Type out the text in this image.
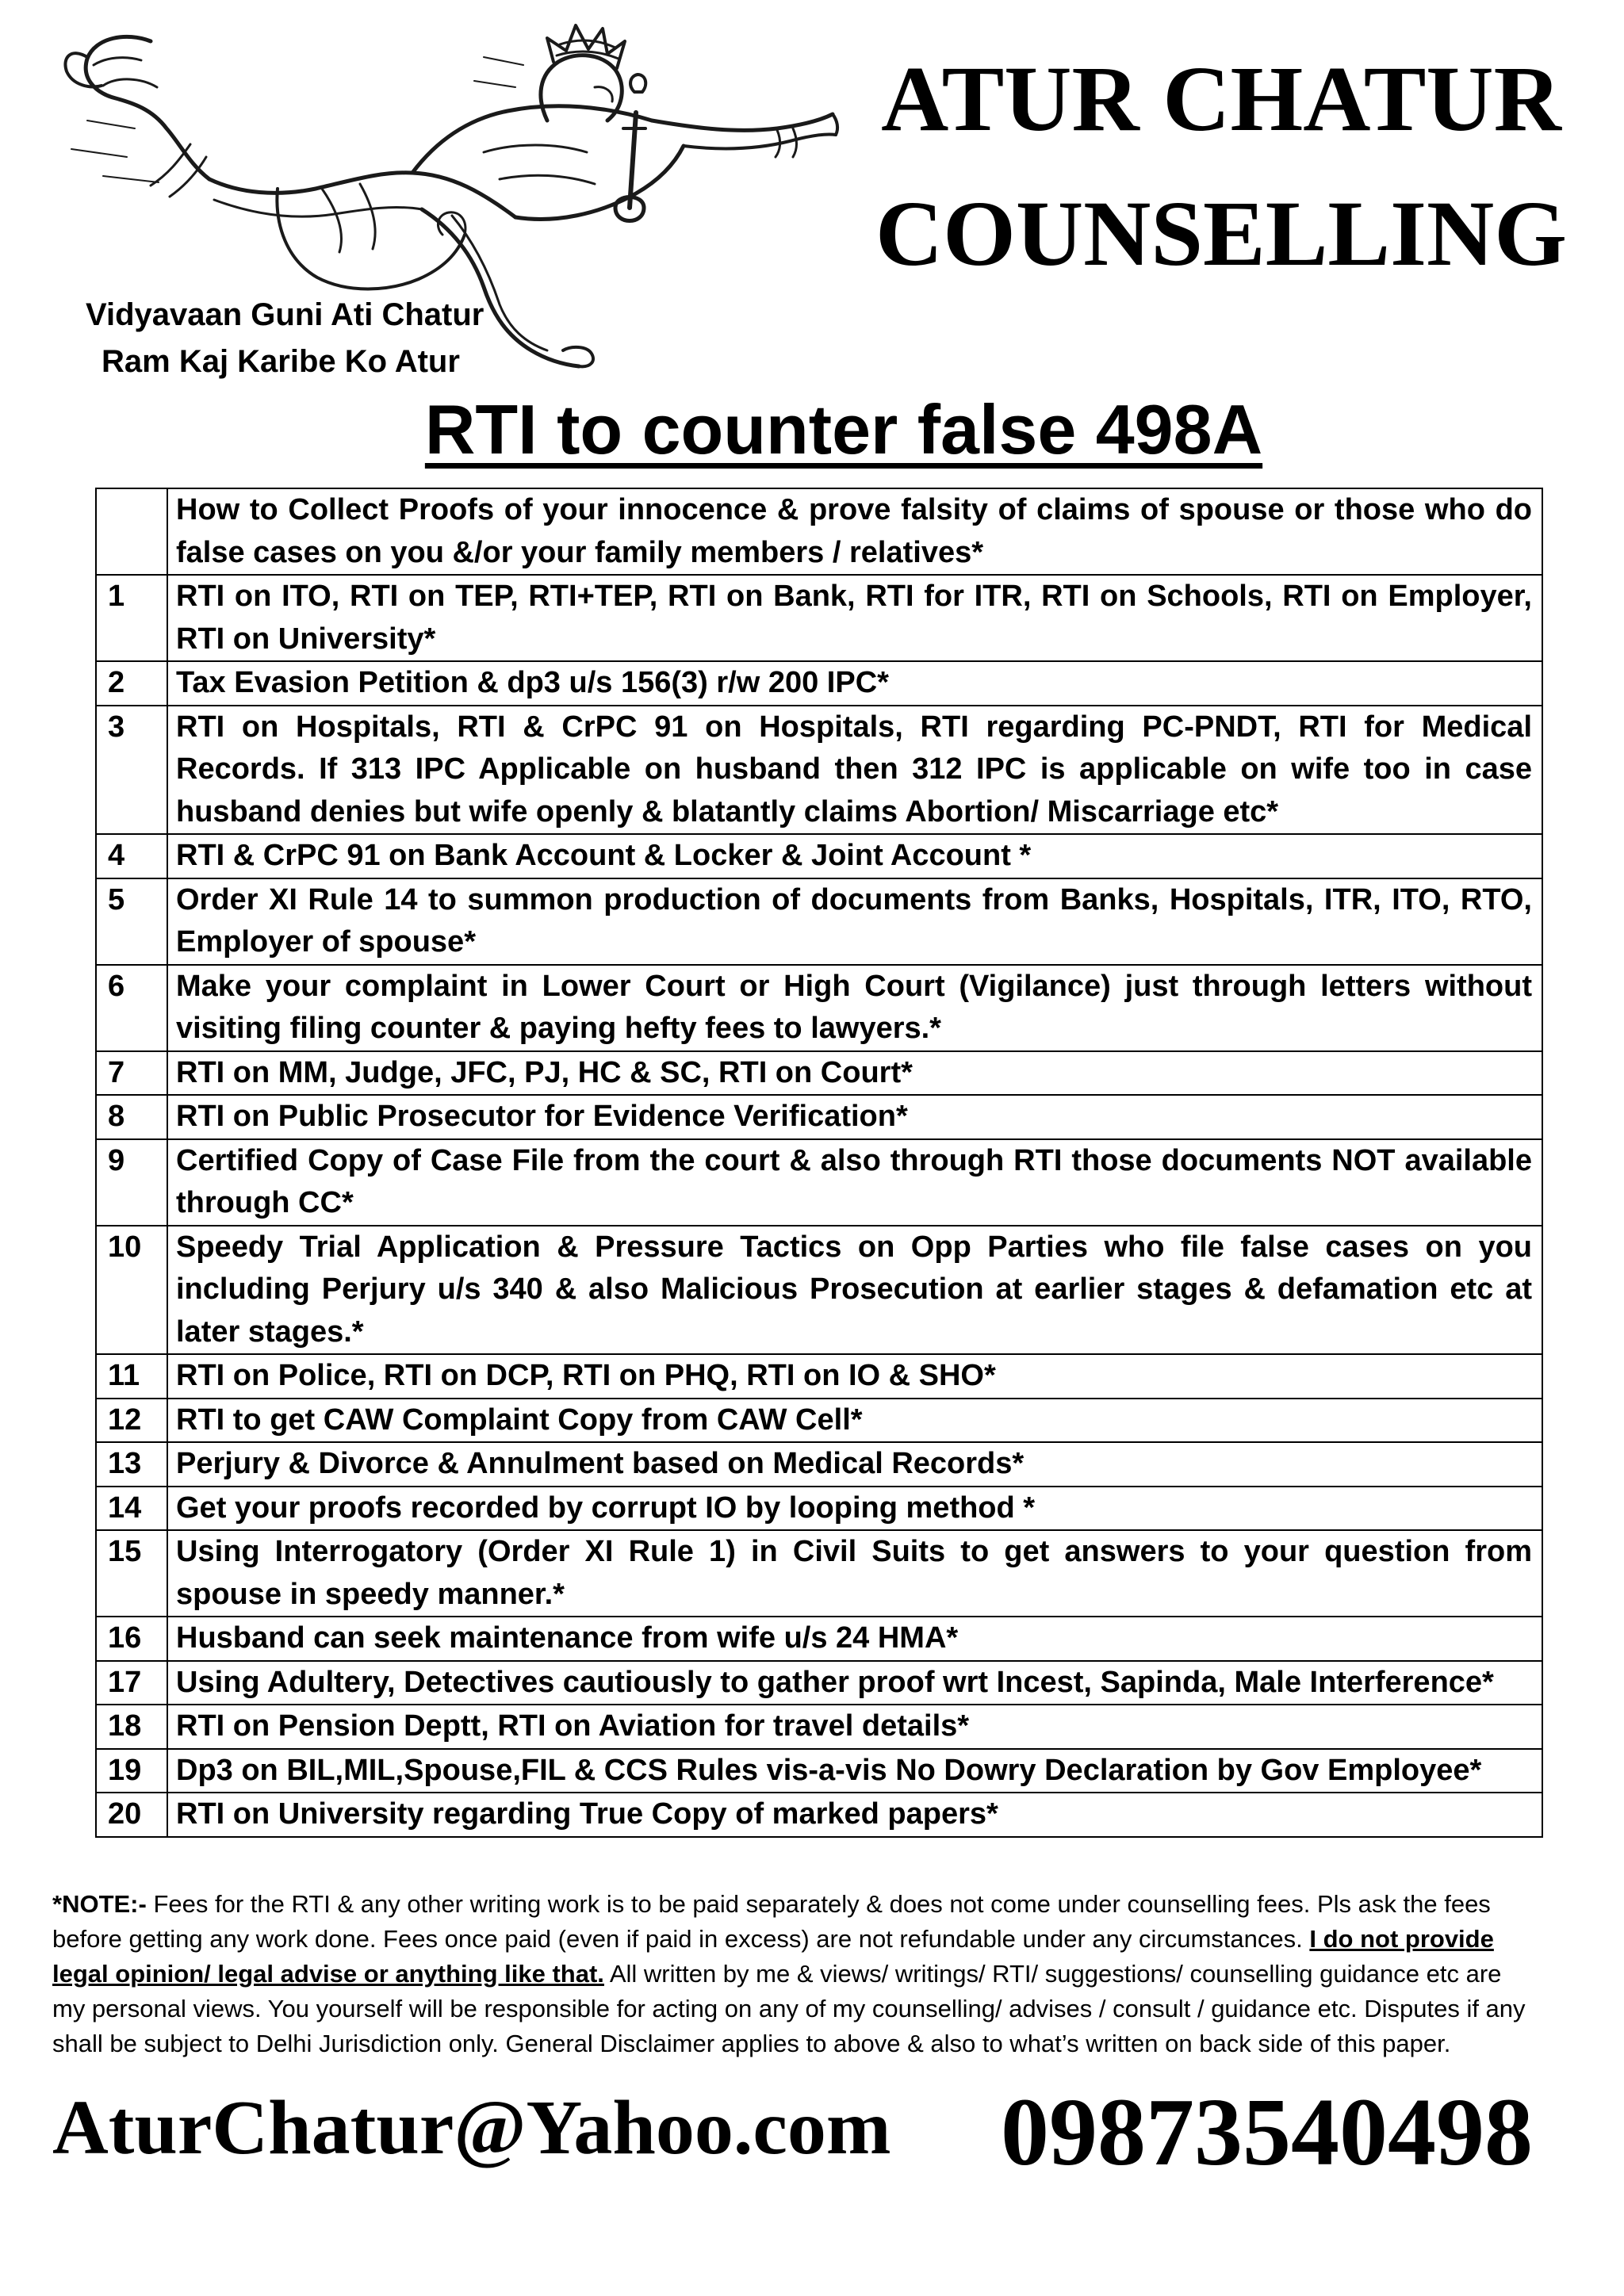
Vidyavaan Guni Ati Chatur
Ram Kaj Karibe Ko Atur
ATUR CHATUR
COUNSELLING
RTI to counter false 498A
	How to Collect Proofs of your innocence & prove falsity of claims of spouse or those who do false cases on you &/or your family members / relatives*
1	RTI on ITO, RTI on TEP, RTI+TEP, RTI on Bank, RTI for ITR, RTI on Schools, RTI on Employer, RTI on University*
2	Tax Evasion Petition & dp3 u/s 156(3) r/w 200 IPC*
3	RTI on Hospitals, RTI & CrPC 91 on Hospitals, RTI regarding PC-PNDT, RTI for Medical Records. If 313 IPC Applicable on husband then 312 IPC is applicable on wife too in case husband denies but wife openly & blatantly claims Abortion/ Miscarriage etc*
4	RTI & CrPC 91 on Bank Account & Locker & Joint Account *
5	Order XI Rule 14 to summon production of documents from Banks, Hospitals, ITR, ITO, RTO, Employer of spouse*
6	Make your complaint in Lower Court or High Court (Vigilance) just through letters without visiting filing counter & paying hefty fees to lawyers.*
7	RTI on MM, Judge, JFC, PJ, HC & SC, RTI on Court*
8	RTI on Public Prosecutor for Evidence Verification*
9	Certified Copy of Case File from the court & also through RTI those documents NOT available through CC*
10	Speedy Trial Application & Pressure Tactics on Opp Parties who file false cases on you including Perjury u/s 340 & also Malicious Prosecution at earlier stages & defamation etc at later stages.*
11	RTI on Police, RTI on DCP, RTI on PHQ, RTI on IO & SHO*
12	RTI to get CAW Complaint Copy from CAW Cell*
13	Perjury & Divorce & Annulment based on Medical Records*
14	Get your proofs recorded by corrupt IO by looping method *
15	Using Interrogatory (Order XI Rule 1) in Civil Suits to get answers to your question from spouse in speedy manner.*
16	Husband can seek maintenance from wife u/s 24 HMA*
17	Using Adultery, Detectives cautiously to gather proof wrt Incest, Sapinda, Male Interference*
18	RTI on Pension Deptt, RTI on Aviation for travel details*
19	Dp3 on BIL,MIL,Spouse,FIL & CCS Rules vis-a-vis No Dowry Declaration by Gov Employee*
20	RTI on University regarding True Copy of marked papers*
*NOTE:- Fees for the RTI & any other writing work is to be paid separately & does not come under counselling fees. Pls ask the fees before getting any work done. Fees once paid (even if paid in excess) are not refundable under any circumstances. I do not provide legal opinion/ legal advise or anything like that. All written by me & views/ writings/ RTI/ suggestions/ counselling guidance etc are my personal views. You yourself will be responsible for acting on any of my counselling/ advises / consult / guidance etc. Disputes if any shall be subject to Delhi Jurisdiction only. General Disclaimer applies to above & also to what’s written on back side of this paper.
AturChatur@Yahoo.com 09873540498
